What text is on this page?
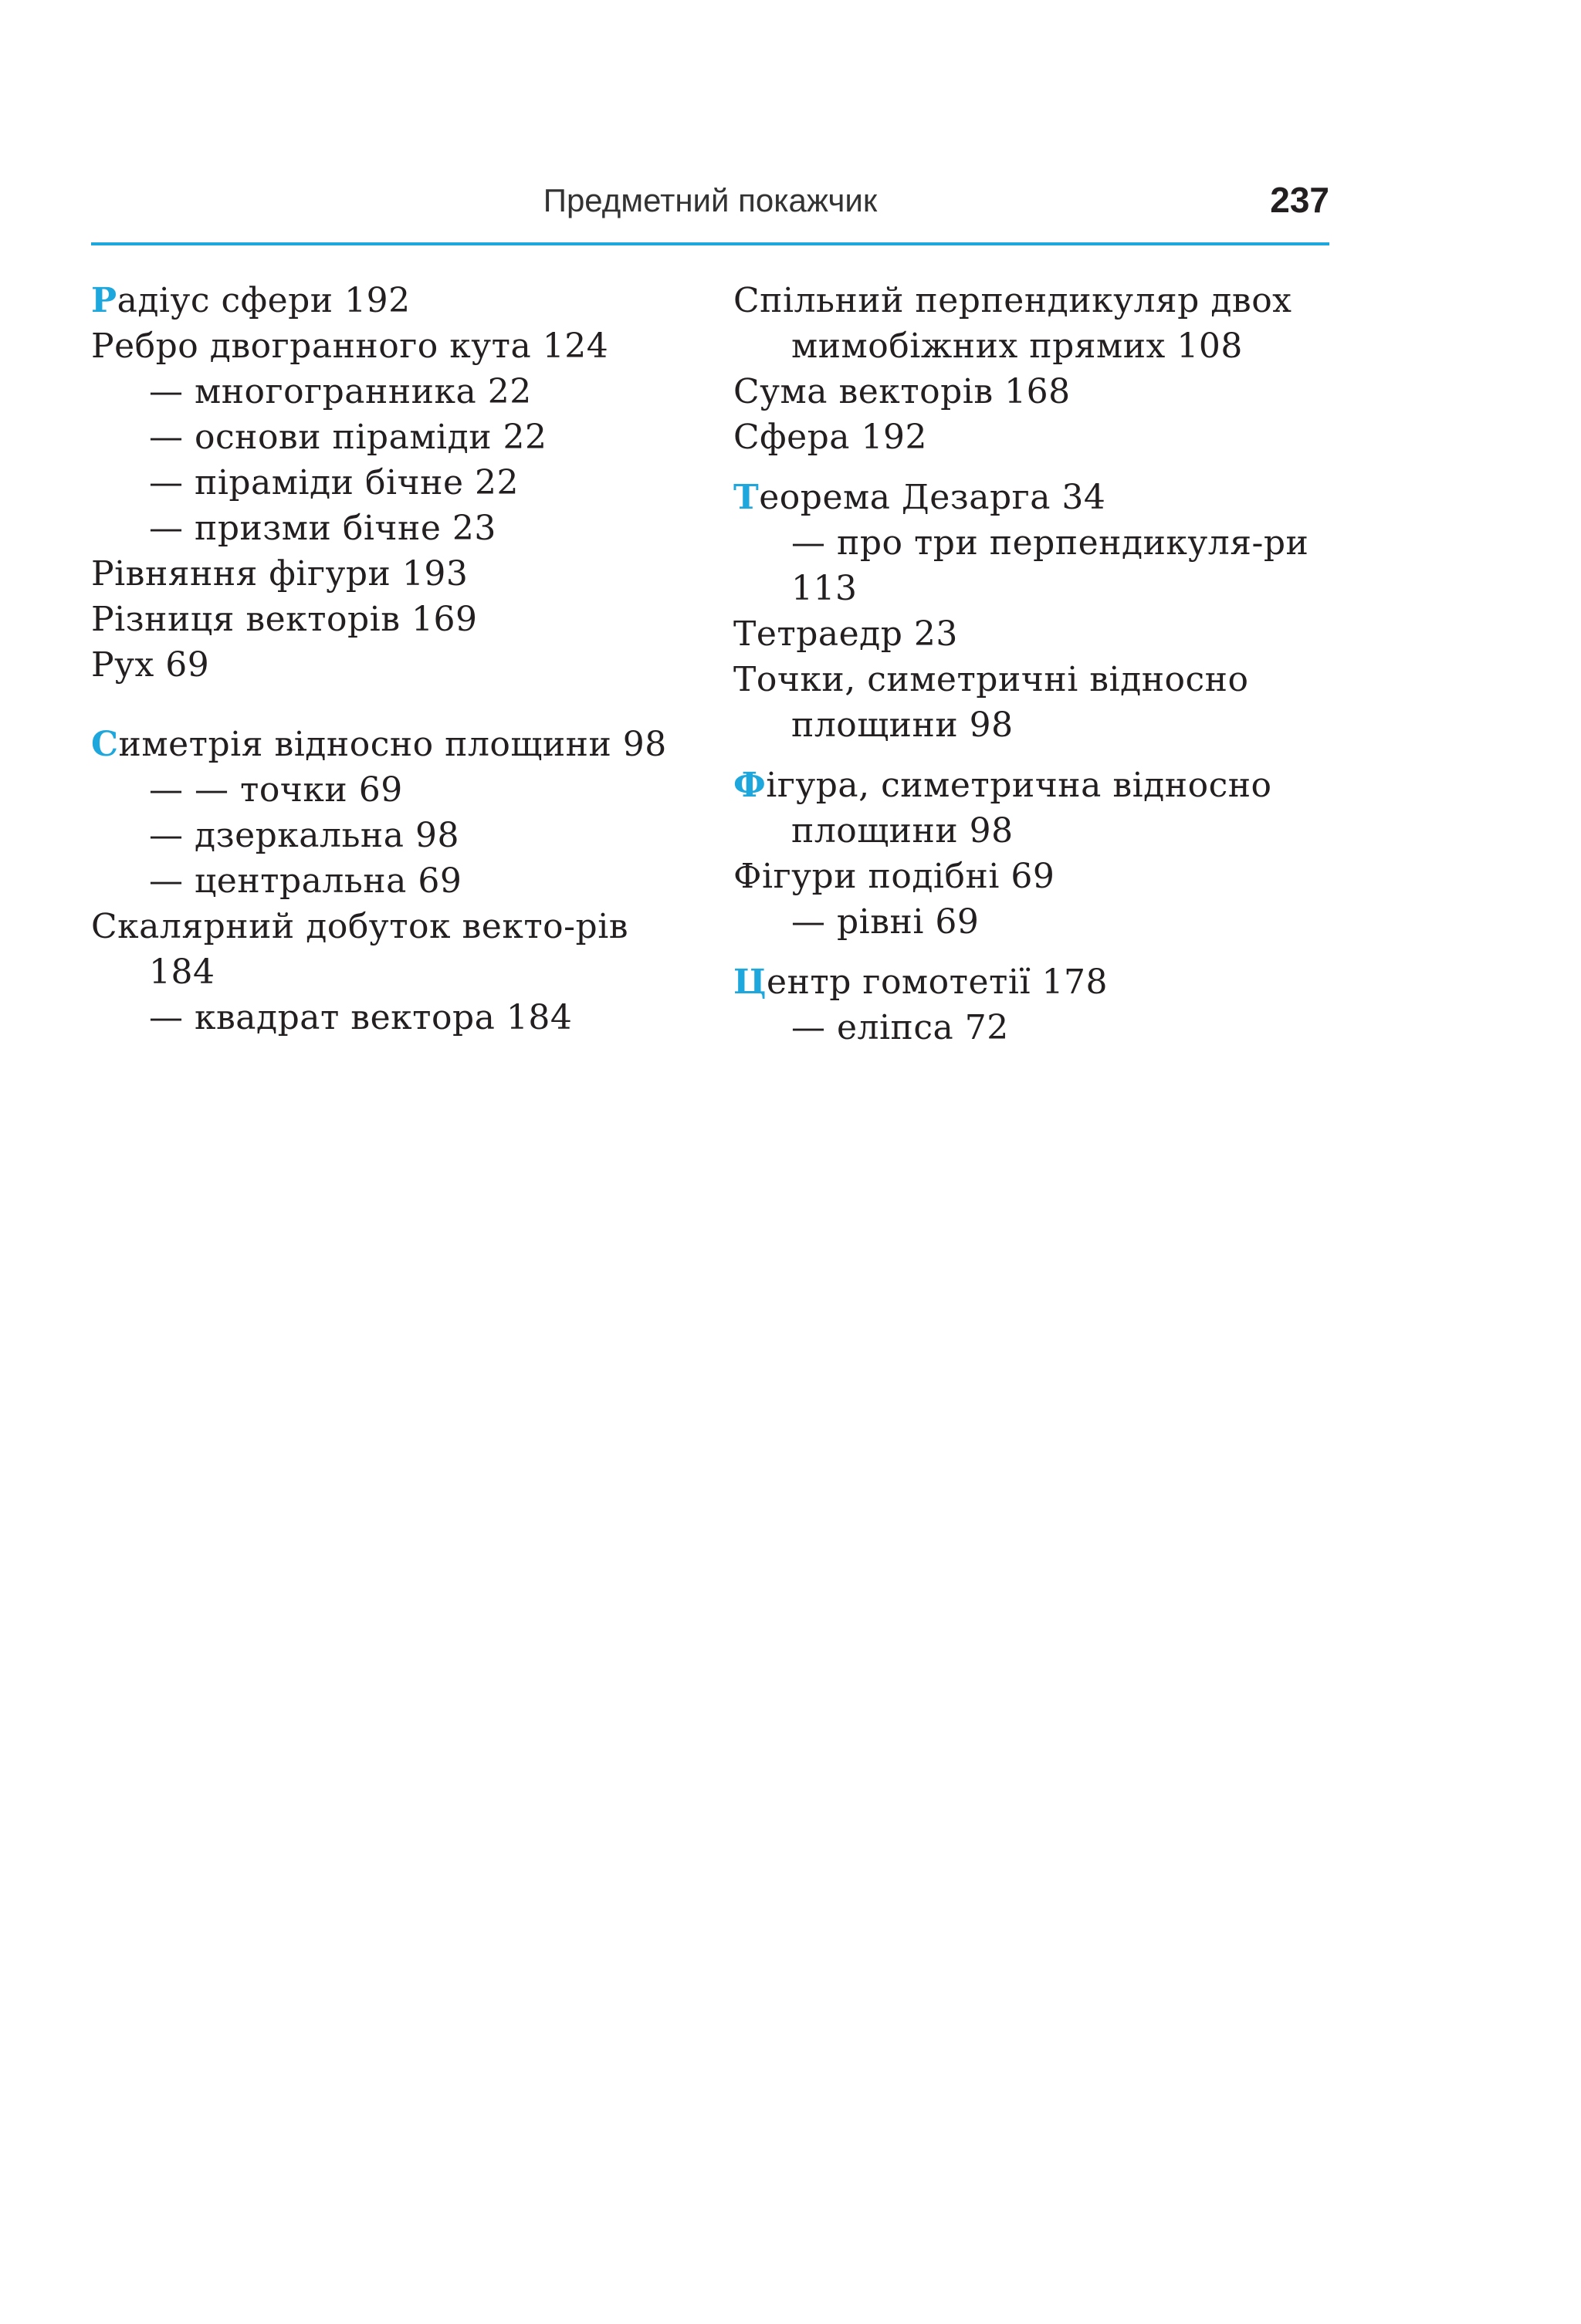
Предметний покажчик	237

Радіус сфери 192

Ребро двогранного кута 124

— многогранника 22

— основи піраміди 22

— піраміди бічне 22

— призми бічне 23

Рівняння фігури 193

Різниця векторів 169

Рух 69

Симетрія відносно площини 98

— — точки 69

— дзеркальна 98

— центральна 69

Скалярний добуток векто-рів 184

— квадрат вектора 184

Спільний перпендикуляр двох мимобіжних прямих 108

Сума векторів 168

Сфера 192

Теорема Дезарга 34

— про три перпендикуля-ри 113

Тетраедр 23

Точки, симетричні відносно площини 98

Фігура, симетрична відносно площини 98

Фігури подібні 69

— рівні 69

Центр гомотетії 178

— еліпса 72
